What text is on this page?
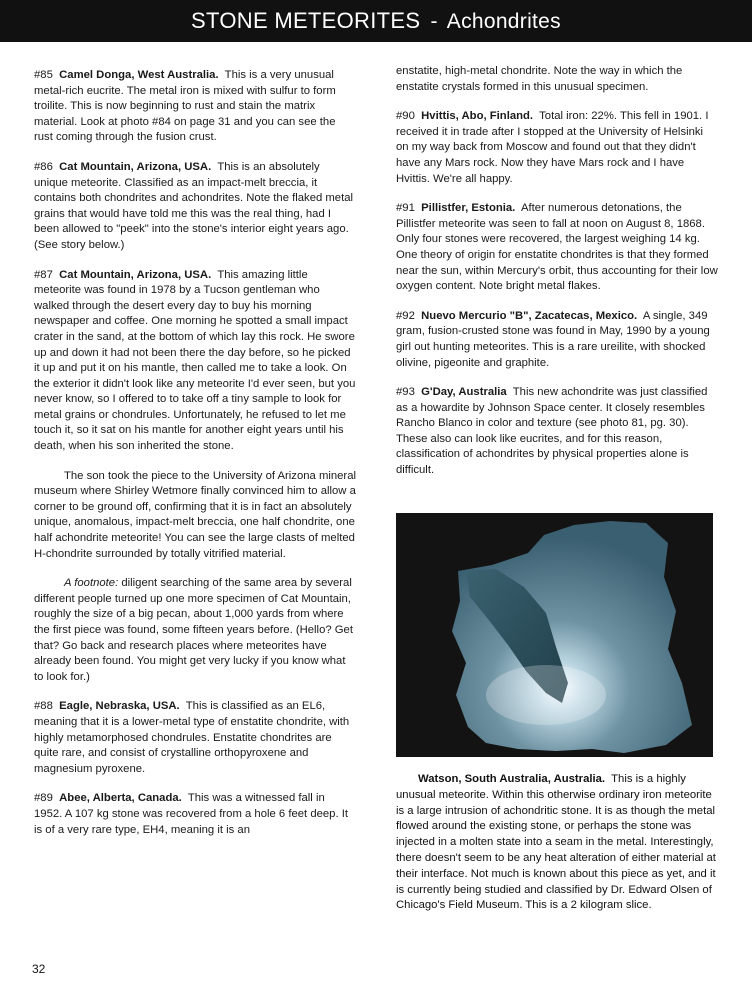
STONE METEORITES - Achondrites

#85 Camel Donga, West Australia. This is a very unusual metal-rich eucrite. The metal iron is mixed with sulfur to form troilite. This is now beginning to rust and stain the matrix material. Look at photo #84 on page 31 and you can see the rust coming through the fusion crust.

#86 Cat Mountain, Arizona, USA. This is an absolutely unique meteorite. Classified as an impact-melt breccia, it contains both chondrites and achondrites. Note the flaked metal grains that would have told me this was the real thing, had I been allowed to "peek" into the stone's interior eight years ago. (See story below.)

#87 Cat Mountain, Arizona, USA. This amazing little meteorite was found in 1978 by a Tucson gentleman who walked through the desert every day to buy his morning newspaper and coffee. One morning he spotted a small impact crater in the sand, at the bottom of which lay this rock. He swore up and down it had not been there the day before, so he picked it up and put it on his mantle, then called me to take a look. On the exterior it didn't look like any meteorite I'd ever seen, but you never know, so I offered to to take off a tiny sample to look for metal grains or chondrules. Unfortunately, he refused to let me touch it, so it sat on his mantle for another eight years until his death, when his son inherited the stone.

The son took the piece to the University of Arizona mineral museum where Shirley Wetmore finally convinced him to allow a corner to be ground off, confirming that it is in fact an absolutely unique, anomalous, impact-melt breccia, one half chondrite, one half achondrite meteorite! You can see the large clasts of melted H-chondrite surrounded by totally vitrified material.

A footnote: diligent searching of the same area by several different people turned up one more specimen of Cat Mountain, roughly the size of a big pecan, about 1,000 yards from where the first piece was found, some fifteen years before. (Hello? Get that? Go back and research places where meteorites have already been found. You might get very lucky if you know what to look for.)

#88 Eagle, Nebraska, USA. This is classified as an EL6, meaning that it is a lower-metal type of enstatite chondrite, with highly metamorphosed chondrules. Enstatite chondrites are quite rare, and consist of crystalline orthopyroxene and magnesium pyroxene.

#89 Abee, Alberta, Canada. This was a witnessed fall in 1952. A 107 kg stone was recovered from a hole 6 feet deep. It is of a very rare type, EH4, meaning it is an

enstatite, high-metal chondrite. Note the way in which the enstatite crystals formed in this unusual specimen.

#90 Hvittis, Abo, Finland. Total iron: 22%. This fell in 1901. I received it in trade after I stopped at the University of Helsinki on my way back from Moscow and found out that they didn't have any Mars rock. Now they have Mars rock and I have Hvittis. We're all happy.

#91 Pillistfer, Estonia. After numerous detonations, the Pillistfer meteorite was seen to fall at noon on August 8, 1868. Only four stones were recovered, the largest weighing 14 kg. One theory of origin for enstatite chondrites is that they formed near the sun, within Mercury's orbit, thus accounting for their low oxygen content. Note bright metal flakes.

#92 Nuevo Mercurio "B", Zacatecas, Mexico. A single, 349 gram, fusion-crusted stone was found in May, 1990 by a young girl out hunting meteorites. This is a rare ureilite, with shocked olivine, pigeonite and graphite.

#93 G'Day, Australia This new achondrite was just classified as a howardite by Johnson Space center. It closely resembles Rancho Blanco in color and texture (see photo 81, pg. 30). These also can look like eucrites, and for this reason, classification of achondrites by physical properties alone is difficult.

Watson, South Australia, Australia. This is a highly unusual meteorite. Within this otherwise ordinary iron meteorite is a large intrusion of achondritic stone. It is as though the metal flowed around the existing stone, or perhaps the stone was injected in a molten state into a seam in the metal. Interestingly, there doesn't seem to be any heat alteration of either material at their interface. Not much is known about this piece as yet, and it is currently being studied and classified by Dr. Edward Olsen of Chicago's Field Museum. This is a 2 kilogram slice.
32
